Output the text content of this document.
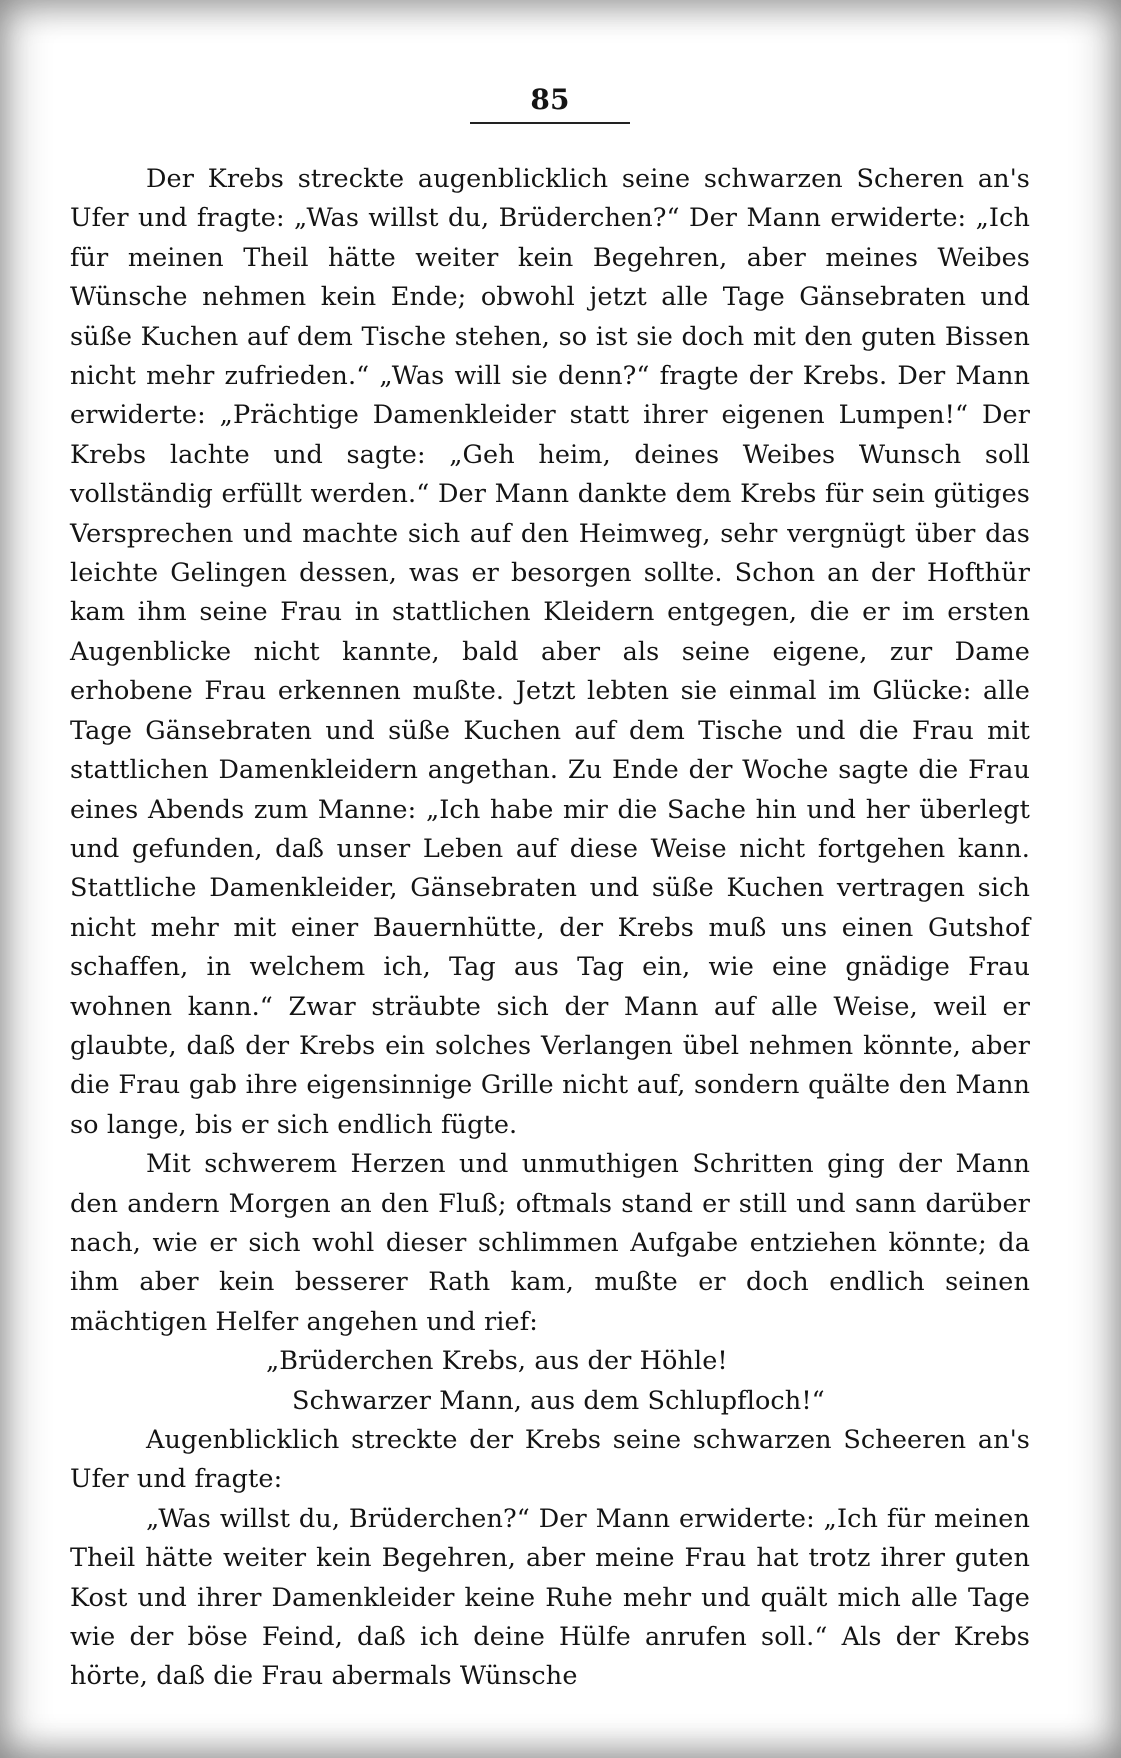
85

Der Krebs streckte augenblicklich seine schwarzen Scheren an's Ufer und fragte: „Was willst du, Brüderchen?“ Der Mann erwiderte: „Ich für meinen Theil hätte weiter kein Begehren, aber meines Weibes Wünsche nehmen kein Ende; obwohl jetzt alle Tage Gänsebraten und süße Kuchen auf dem Tische stehen, so ist sie doch mit den guten Bissen nicht mehr zufrieden.“ „Was will sie denn?“ fragte der Krebs. Der Mann erwiderte: „Prächtige Damenkleider statt ihrer eigenen Lumpen!“ Der Krebs lachte und sagte: „Geh heim, deines Weibes Wunsch soll vollständig erfüllt werden.“ Der Mann dankte dem Krebs für sein gütiges Versprechen und machte sich auf den Heimweg, sehr vergnügt über das leichte Gelingen dessen, was er besorgen sollte. Schon an der Hofthür kam ihm seine Frau in stattlichen Kleidern entgegen, die er im ersten Augenblicke nicht kannte, bald aber als seine eigene, zur Dame erhobene Frau erkennen mußte. Jetzt lebten sie einmal im Glücke: alle Tage Gänsebraten und süße Kuchen auf dem Tische und die Frau mit stattlichen Damenkleidern angethan. Zu Ende der Woche sagte die Frau eines Abends zum Manne: „Ich habe mir die Sache hin und her überlegt und gefunden, daß unser Leben auf diese Weise nicht fortgehen kann. Stattliche Damenkleider, Gänsebraten und süße Kuchen vertragen sich nicht mehr mit einer Bauernhütte, der Krebs muß uns einen Gutshof schaffen, in welchem ich, Tag aus Tag ein, wie eine gnädige Frau wohnen kann.“ Zwar sträubte sich der Mann auf alle Weise, weil er glaubte, daß der Krebs ein solches Verlangen übel nehmen könnte, aber die Frau gab ihre eigensinnige Grille nicht auf, sondern quälte den Mann so lange, bis er sich endlich fügte.

Mit schwerem Herzen und unmuthigen Schritten ging der Mann den andern Morgen an den Fluß; oftmals stand er still und sann darüber nach, wie er sich wohl dieser schlimmen Aufgabe entziehen könnte; da ihm aber kein besserer Rath kam, mußte er doch endlich seinen mächtigen Helfer angehen und rief:

„Brüderchen Krebs, aus der Höhle!
Schwarzer Mann, aus dem Schlupfloch!“

Augenblicklich streckte der Krebs seine schwarzen Scheeren an's Ufer und fragte:

„Was willst du, Brüderchen?“ Der Mann erwiderte: „Ich für meinen Theil hätte weiter kein Begehren, aber meine Frau hat trotz ihrer guten Kost und ihrer Damenkleider keine Ruhe mehr und quält mich alle Tage wie der böse Feind, daß ich deine Hülfe anrufen soll.“ Als der Krebs hörte, daß die Frau abermals Wünsche
